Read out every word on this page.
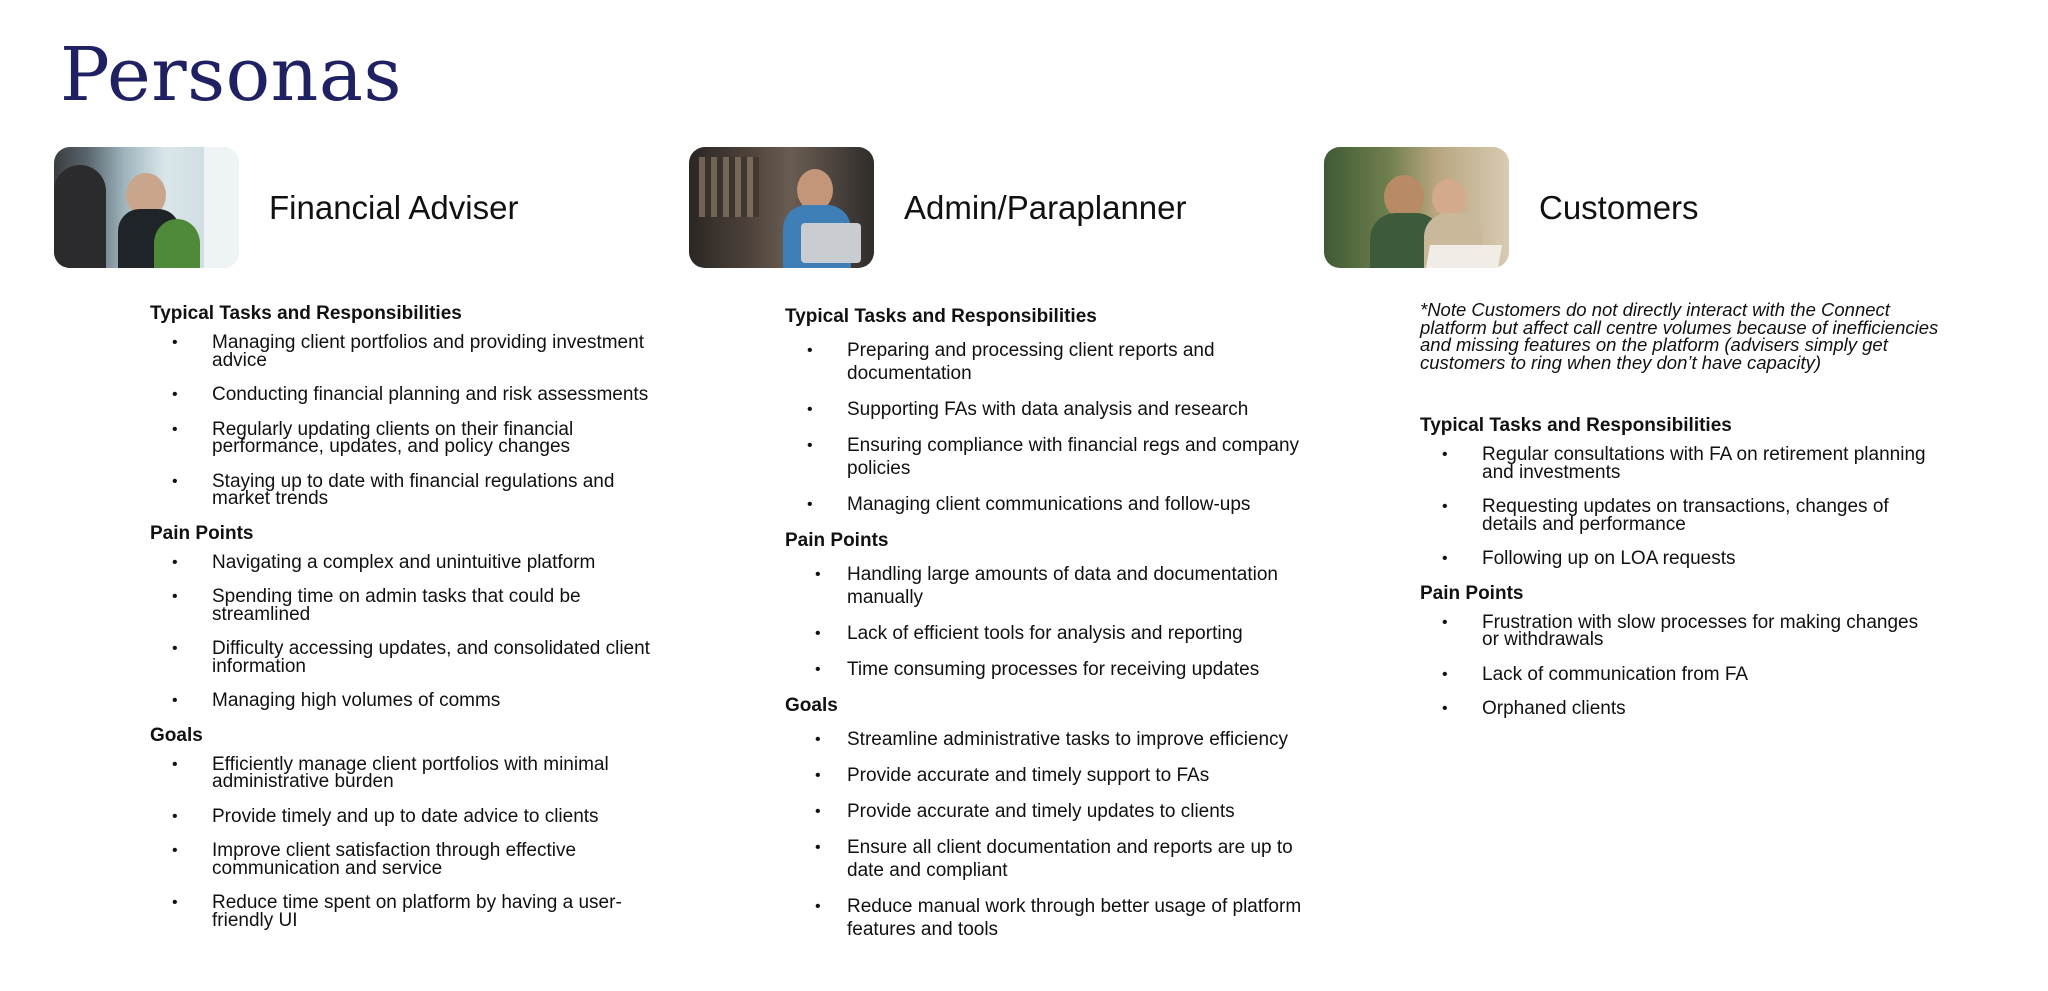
Personas
Financial Adviser	Admin/Paraplanner	Customers
Typical Tasks and Responsibilities
• Managing client portfolios and providing investment advice
• Conducting financial planning and risk assessments
• Regularly updating clients on their financial performance, updates, and policy changes
• Staying up to date with financial regulations and market trends
Pain Points
• Navigating a complex and unintuitive platform
• Spending time on admin tasks that could be streamlined
• Difficulty accessing updates, and consolidated client information
• Managing high volumes of comms
Goals
• Efficiently manage client portfolios with minimal administrative burden
• Provide timely and up to date advice to clients
• Improve client satisfaction through effective communication and service
• Reduce time spent on platform by having a user-friendly UI
Typical Tasks and Responsibilities
• Preparing and processing client reports and documentation
• Supporting FAs with data analysis and research
• Ensuring compliance with financial regs and company policies
• Managing client communications and follow-ups
Pain Points
• Handling large amounts of data and documentation manually
• Lack of efficient tools for analysis and reporting
• Time consuming processes for receiving updates
Goals
• Streamline administrative tasks to improve efficiency
• Provide accurate and timely support to FAs
• Provide accurate and timely updates to clients
• Ensure all client documentation and reports are up to date and compliant
• Reduce manual work through better usage of platform features and tools
*Note Customers do not directly interact with the Connect platform but affect call centre volumes because of inefficiencies and missing features on the platform (advisers simply get customers to ring when they don’t have capacity)
Typical Tasks and Responsibilities
• Regular consultations with FA on retirement planning and investments
• Requesting updates on transactions, changes of details and performance
• Following up on LOA requests
Pain Points
• Frustration with slow processes for making changes or withdrawals
• Lack of communication from FA
• Orphaned clients
